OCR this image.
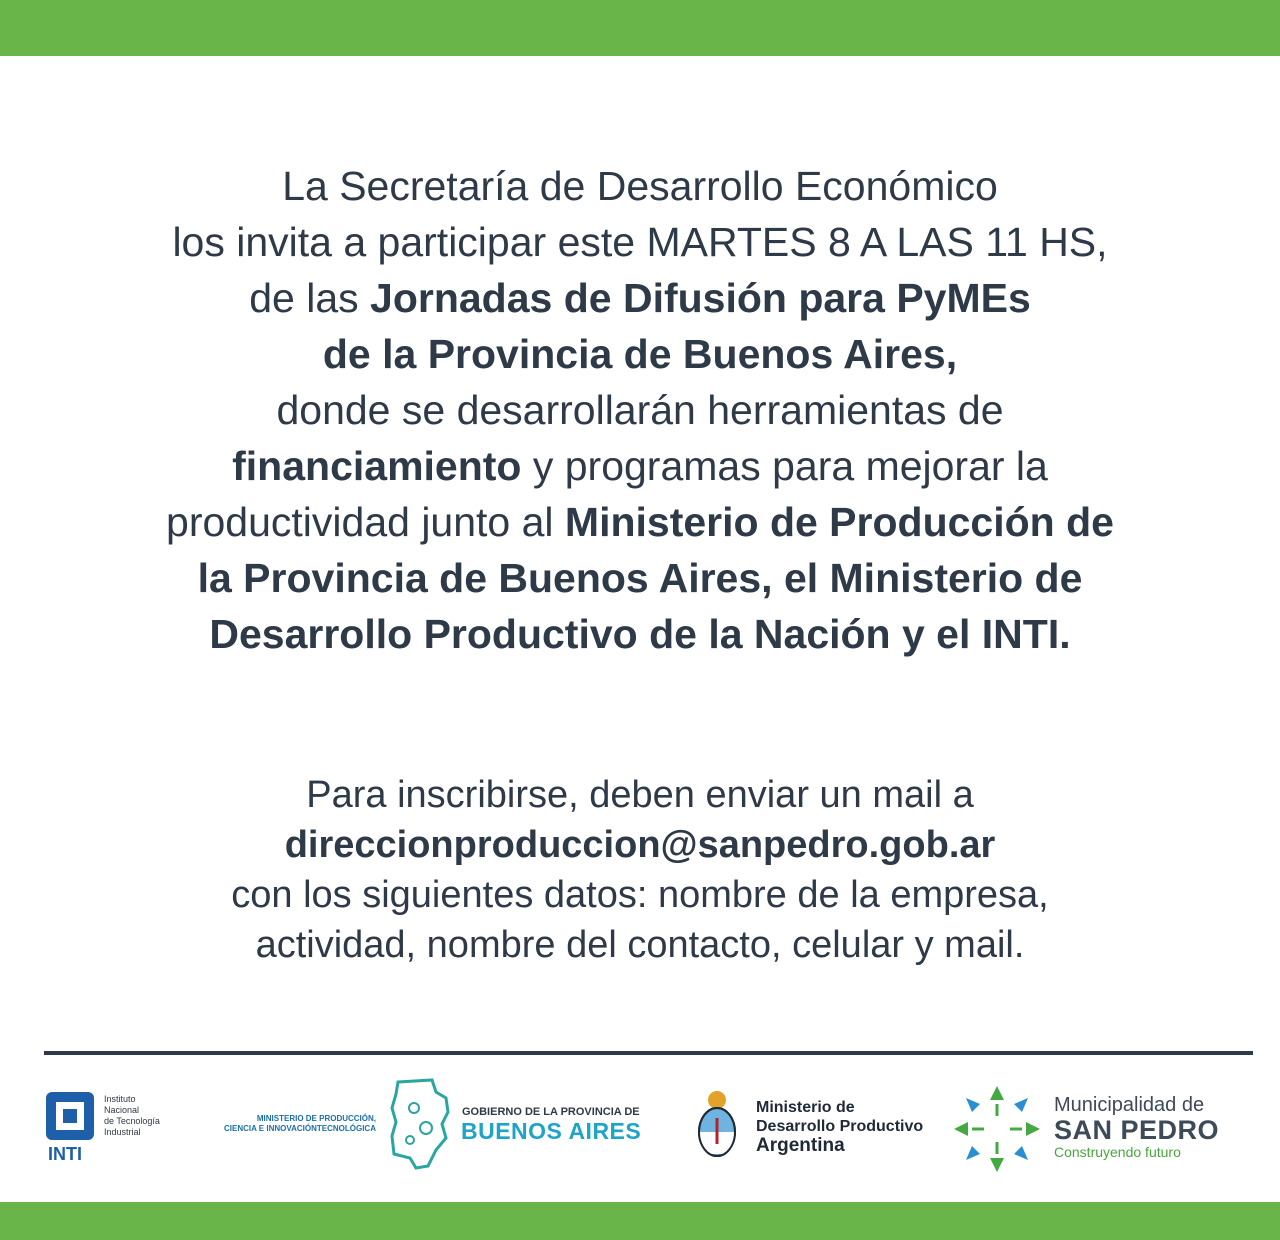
La Secretaría de Desarrollo Económico
los invita a participar este MARTES 8 A LAS 11 HS,
de las Jornadas de Difusión para PyMEs
de la Provincia de Buenos Aires,
donde se desarrollarán herramientas de
financiamiento y programas para mejorar la
productividad junto al Ministerio de Producción de
la Provincia de Buenos Aires, el Ministerio de
Desarrollo Productivo de la Nación y el INTI.
Para inscribirse, deben enviar un mail a
direccionproduccion@sanpedro.gob.ar
con los siguientes datos: nombre de la empresa,
actividad, nombre del contacto, celular y mail.
Instituto
Nacional
de Tecnología
Industrial
INTI
MINISTERIO DE PRODUCCIÓN,
CIENCIA E INNOVACIÓNTECNOLÓGICA
GOBIERNO DE LA PROVINCIA DE
BUENOS AIRES
Ministerio de
Desarrollo Productivo
Argentina
Municipalidad de
SAN PEDRO
Construyendo futuro
